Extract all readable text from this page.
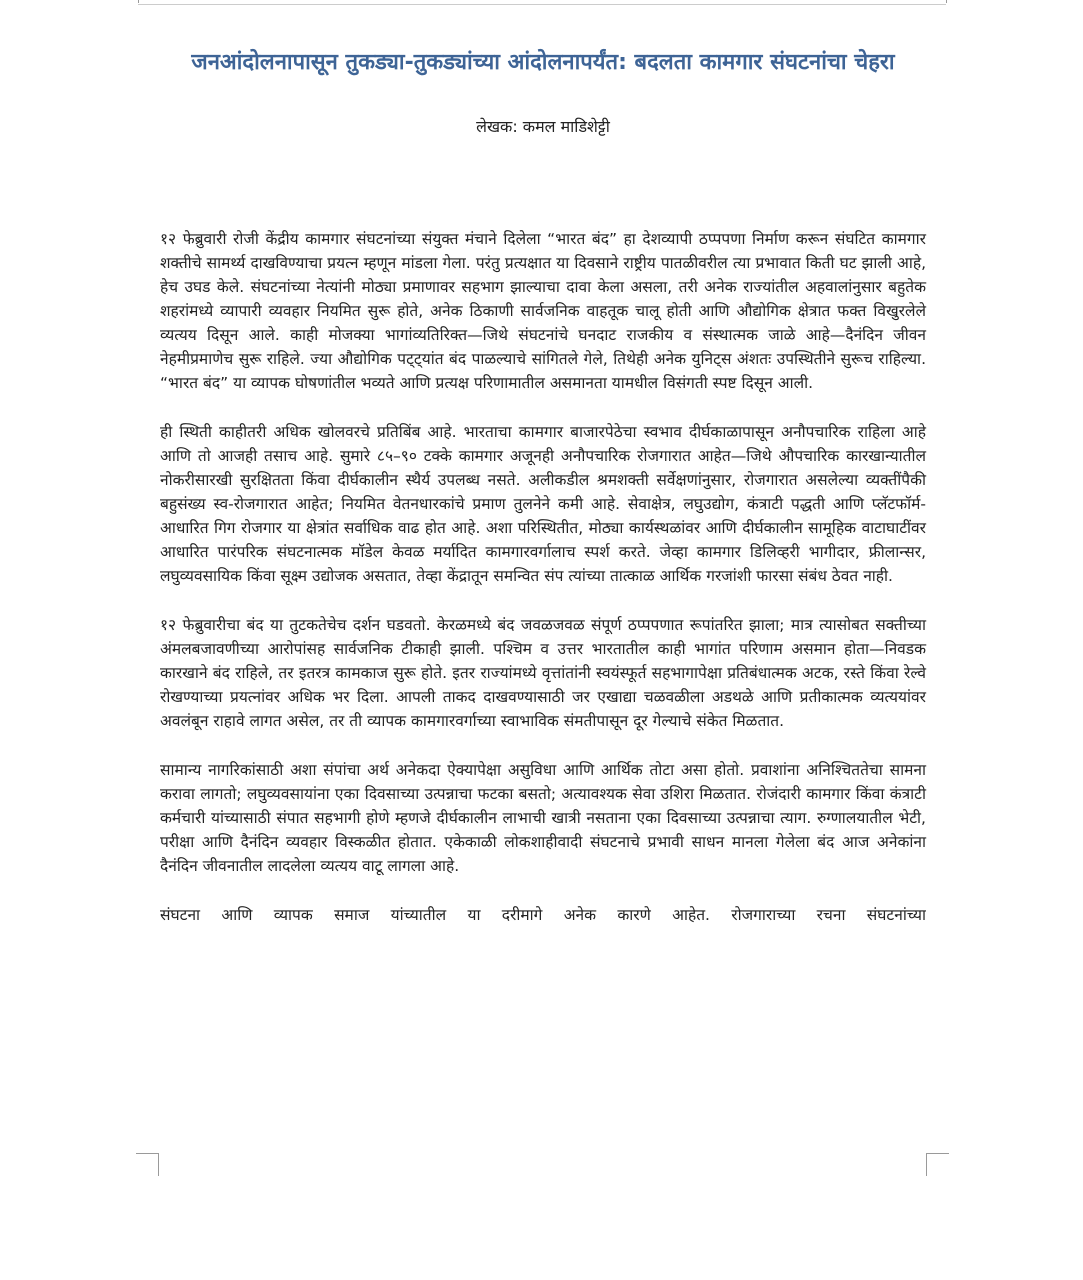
जनआंदोलनापासून तुकड्या-तुकड्यांच्या आंदोलनापर्यंत: बदलता कामगार संघटनांचा चेहरा

लेखक: कमल माडिशेट्टी

१२ फेब्रुवारी रोजी केंद्रीय कामगार संघटनांच्या संयुक्त मंचाने दिलेला “भारत बंद” हा देशव्यापी ठप्पपणा निर्माण करून संघटित कामगार शक्तीचे सामर्थ्य दाखविण्याचा प्रयत्न म्हणून मांडला गेला. परंतु प्रत्यक्षात या दिवसाने राष्ट्रीय पातळीवरील त्या प्रभावात किती घट झाली आहे, हेच उघड केले. संघटनांच्या नेत्यांनी मोठ्या प्रमाणावर सहभाग झाल्याचा दावा केला असला, तरी अनेक राज्यांतील अहवालांनुसार बहुतेक शहरांमध्ये व्यापारी व्यवहार नियमित सुरू होते, अनेक ठिकाणी सार्वजनिक वाहतूक चालू होती आणि औद्योगिक क्षेत्रात फक्त विखुरलेले व्यत्यय दिसून आले. काही मोजक्या भागांव्यतिरिक्त—जिथे संघटनांचे घनदाट राजकीय व संस्थात्मक जाळे आहे—दैनंदिन जीवन नेहमीप्रमाणेच सुरू राहिले. ज्या औद्योगिक पट्ट्यांत बंद पाळल्याचे सांगितले गेले, तिथेही अनेक युनिट्स अंशतः उपस्थितीने सुरूच राहिल्या. “भारत बंद” या व्यापक घोषणांतील भव्यते आणि प्रत्यक्ष परिणामातील असमानता यामधील विसंगती स्पष्ट दिसून आली.

ही स्थिती काहीतरी अधिक खोलवरचे प्रतिबिंब आहे. भारताचा कामगार बाजारपेठेचा स्वभाव दीर्घकाळापासून अनौपचारिक राहिला आहे आणि तो आजही तसाच आहे. सुमारे ८५–९० टक्के कामगार अजूनही अनौपचारिक रोजगारात आहेत—जिथे औपचारिक कारखान्यातील नोकरीसारखी सुरक्षितता किंवा दीर्घकालीन स्थैर्य उपलब्ध नसते. अलीकडील श्रमशक्ती सर्वेक्षणांनुसार, रोजगारात असलेल्या व्यक्तींपैकी बहुसंख्य स्व-रोजगारात आहेत; नियमित वेतनधारकांचे प्रमाण तुलनेने कमी आहे. सेवाक्षेत्र, लघुउद्योग, कंत्राटी पद्धती आणि प्लॅटफॉर्म-आधारित गिग रोजगार या क्षेत्रांत सर्वाधिक वाढ होत आहे. अशा परिस्थितीत, मोठ्या कार्यस्थळांवर आणि दीर्घकालीन सामूहिक वाटाघाटींवर आधारित पारंपरिक संघटनात्मक मॉडेल केवळ मर्यादित कामगारवर्गालाच स्पर्श करते. जेव्हा कामगार डिलिव्हरी भागीदार, फ्रीलान्सर, लघुव्यवसायिक किंवा सूक्ष्म उद्योजक असतात, तेव्हा केंद्रातून समन्वित संप त्यांच्या तात्काळ आर्थिक गरजांशी फारसा संबंध ठेवत नाही.

१२ फेब्रुवारीचा बंद या तुटकतेचेच दर्शन घडवतो. केरळमध्ये बंद जवळजवळ संपूर्ण ठप्पपणात रूपांतरित झाला; मात्र त्यासोबत सक्तीच्या अंमलबजावणीच्या आरोपांसह सार्वजनिक टीकाही झाली. पश्चिम व उत्तर भारतातील काही भागांत परिणाम असमान होता—निवडक कारखाने बंद राहिले, तर इतरत्र कामकाज सुरू होते. इतर राज्यांमध्ये वृत्तांतांनी स्वयंस्फूर्त सहभागापेक्षा प्रतिबंधात्मक अटक, रस्ते किंवा रेल्वे रोखण्याच्या प्रयत्नांवर अधिक भर दिला. आपली ताकद दाखवण्यासाठी जर एखाद्या चळवळीला अडथळे आणि प्रतीकात्मक व्यत्ययांवर अवलंबून राहावे लागत असेल, तर ती व्यापक कामगारवर्गाच्या स्वाभाविक संमतीपासून दूर गेल्याचे संकेत मिळतात.

सामान्य नागरिकांसाठी अशा संपांचा अर्थ अनेकदा ऐक्यापेक्षा असुविधा आणि आर्थिक तोटा असा होतो. प्रवाशांना अनिश्चिततेचा सामना करावा लागतो; लघुव्यवसायांना एका दिवसाच्या उत्पन्नाचा फटका बसतो; अत्यावश्यक सेवा उशिरा मिळतात. रोजंदारी कामगार किंवा कंत्राटी कर्मचारी यांच्यासाठी संपात सहभागी होणे म्हणजे दीर्घकालीन लाभाची खात्री नसताना एका दिवसाच्या उत्पन्नाचा त्याग. रुग्णालयातील भेटी, परीक्षा आणि दैनंदिन व्यवहार विस्कळीत होतात. एकेकाळी लोकशाहीवादी संघटनाचे प्रभावी साधन मानला गेलेला बंद आज अनेकांना दैनंदिन जीवनातील लादलेला व्यत्यय वाटू लागला आहे.

संघटना आणि व्यापक समाज यांच्यातील या दरीमागे अनेक कारणे आहेत. रोजगाराच्या रचना संघटनांच्या
